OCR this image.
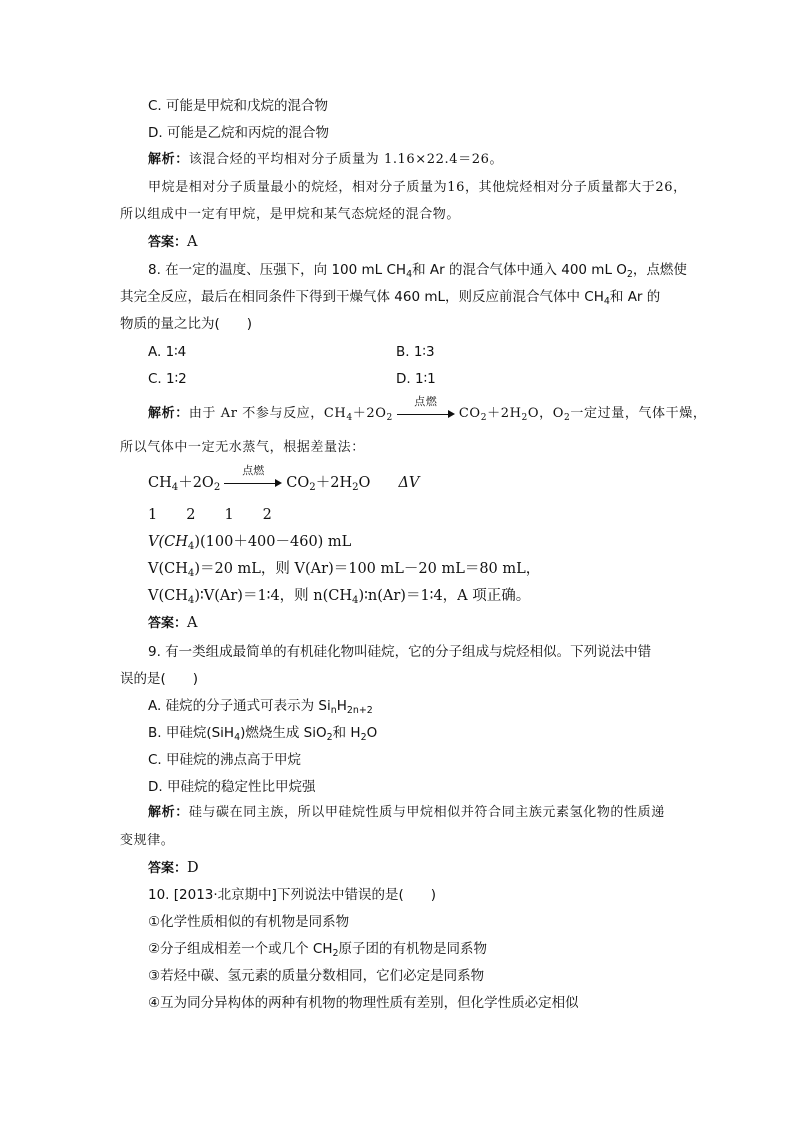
C. 可能是甲烷和戊烷的混合物
D. 可能是乙烷和丙烷的混合物
解析：该混合烃的平均相对分子质量为 1.16×22.4＝26。
甲烷是相对分子质量最小的烷烃，相对分子质量为16，其他烷烃相对分子质量都大于26，
所以组成中一定有甲烷，是甲烷和某气态烷烃的混合物。
答案：A
8. 在一定的温度、压强下，向 100 mL $CH_4$和 Ar 的混合气体中通入 400 mL $O_2$，点燃使
其完全反应，最后在相同条件下得到干燥气体 460 mL，则反应前混合气体中 $CH_4$和 Ar 的
物质的量之比为(　　)
A. 1∶4	B. 1∶3
C. 1∶2	D. 1∶1
解析：由于 Ar 不参与反应，$CH_4+2O_2$
点燃
$CO_2+2H_2O$，$O_2$一定过量，气体干燥，
所以气体中一定无水蒸气，根据差量法：
$CH_4+2O_2$
点燃
$CO_2+2H_2O$ ΔV
1　　2　　1　　2
$V(CH_4)(100+400-460)$ mL
$V(CH_4)=20$ mL，则 V(Ar)＝100 mL－20 mL＝80 mL，
$V(CH_4)∶V(Ar)=1∶4$，则 $n(CH_4)∶n(Ar)=1∶4$，A 项正确。
答案：A
9. 有一类组成最简单的有机硅化物叫硅烷，它的分子组成与烷烃相似。下列说法中错
误的是(　　)
A. 硅烷的分子通式可表示为 $Si_nH_{2n+2}$
B. 甲硅烷(SiH$_4$)燃烧生成 SiO$_2$和 $H_2O$
C. 甲硅烷的沸点高于甲烷
D. 甲硅烷的稳定性比甲烷强
解析：硅与碳在同主族，所以甲硅烷性质与甲烷相似并符合同主族元素氢化物的性质递
变规律。
答案：D
10. [2013·北京期中]下列说法中错误的是(　　)
①化学性质相似的有机物是同系物
②分子组成相差一个或几个 $CH_2$原子团的有机物是同系物
③若烃中碳、氢元素的质量分数相同，它们必定是同系物
④互为同分异构体的两种有机物的物理性质有差别，但化学性质必定相似
